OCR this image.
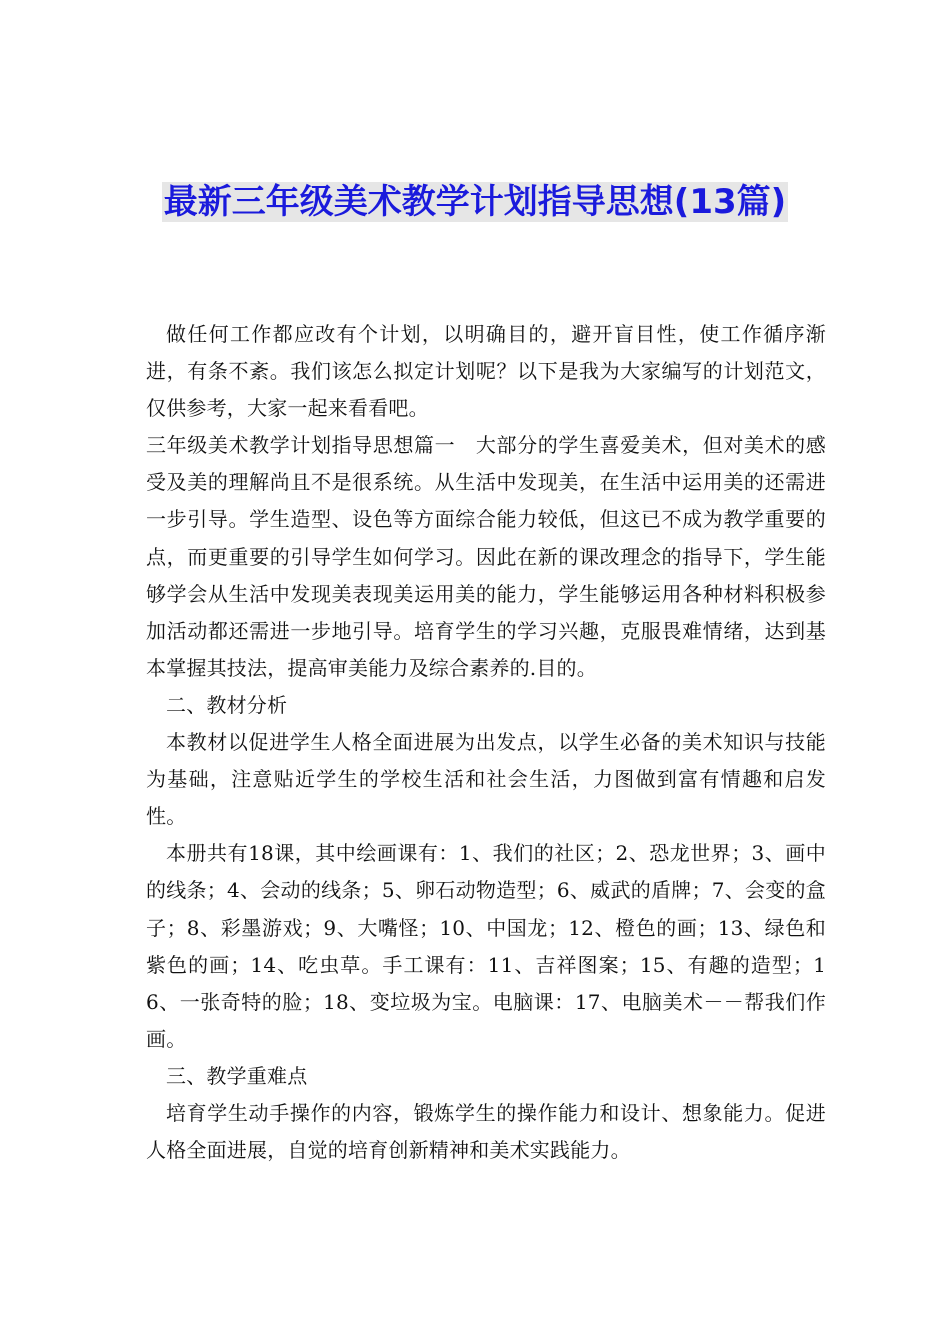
最新三年级美术教学计划指导思想(13篇)

做任何工作都应改有个计划，以明确目的，避开盲目性，使工作循序渐进，有条不紊。我们该怎么拟定计划呢？以下是我为大家编写的计划范文，仅供参考，大家一起来看看吧。

三年级美术教学计划指导思想篇一　大部分的学生喜爱美术，但对美术的感受及美的理解尚且不是很系统。从生活中发现美，在生活中运用美的还需进一步引导。学生造型、设色等方面综合能力较低，但这已不成为教学重要的点，而更重要的引导学生如何学习。因此在新的课改理念的指导下，学生能够学会从生活中发现美表现美运用美的能力，学生能够运用各种材料积极参加活动都还需进一步地引导。培育学生的学习兴趣，克服畏难情绪，达到基本掌握其技法，提高审美能力及综合素养的.目的。

二、教材分析

本教材以促进学生人格全面进展为出发点，以学生必备的美术知识与技能为基础，注意贴近学生的学校生活和社会生活，力图做到富有情趣和启发性。

本册共有18课，其中绘画课有：1、我们的社区；2、恐龙世界；3、画中的线条；4、会动的线条；5、卵石动物造型；6、威武的盾牌；7、会变的盒子；8、彩墨游戏；9、大嘴怪；10、中国龙；12、橙色的画；13、绿色和紫色的画；14、吃虫草。手工课有：11、吉祥图案；15、有趣的造型；16、一张奇特的脸；18、变垃圾为宝。电脑课：17、电脑美术－－帮我们作画。

三、教学重难点

培育学生动手操作的内容，锻炼学生的操作能力和设计、想象能力。促进人格全面进展，自觉的培育创新精神和美术实践能力。
